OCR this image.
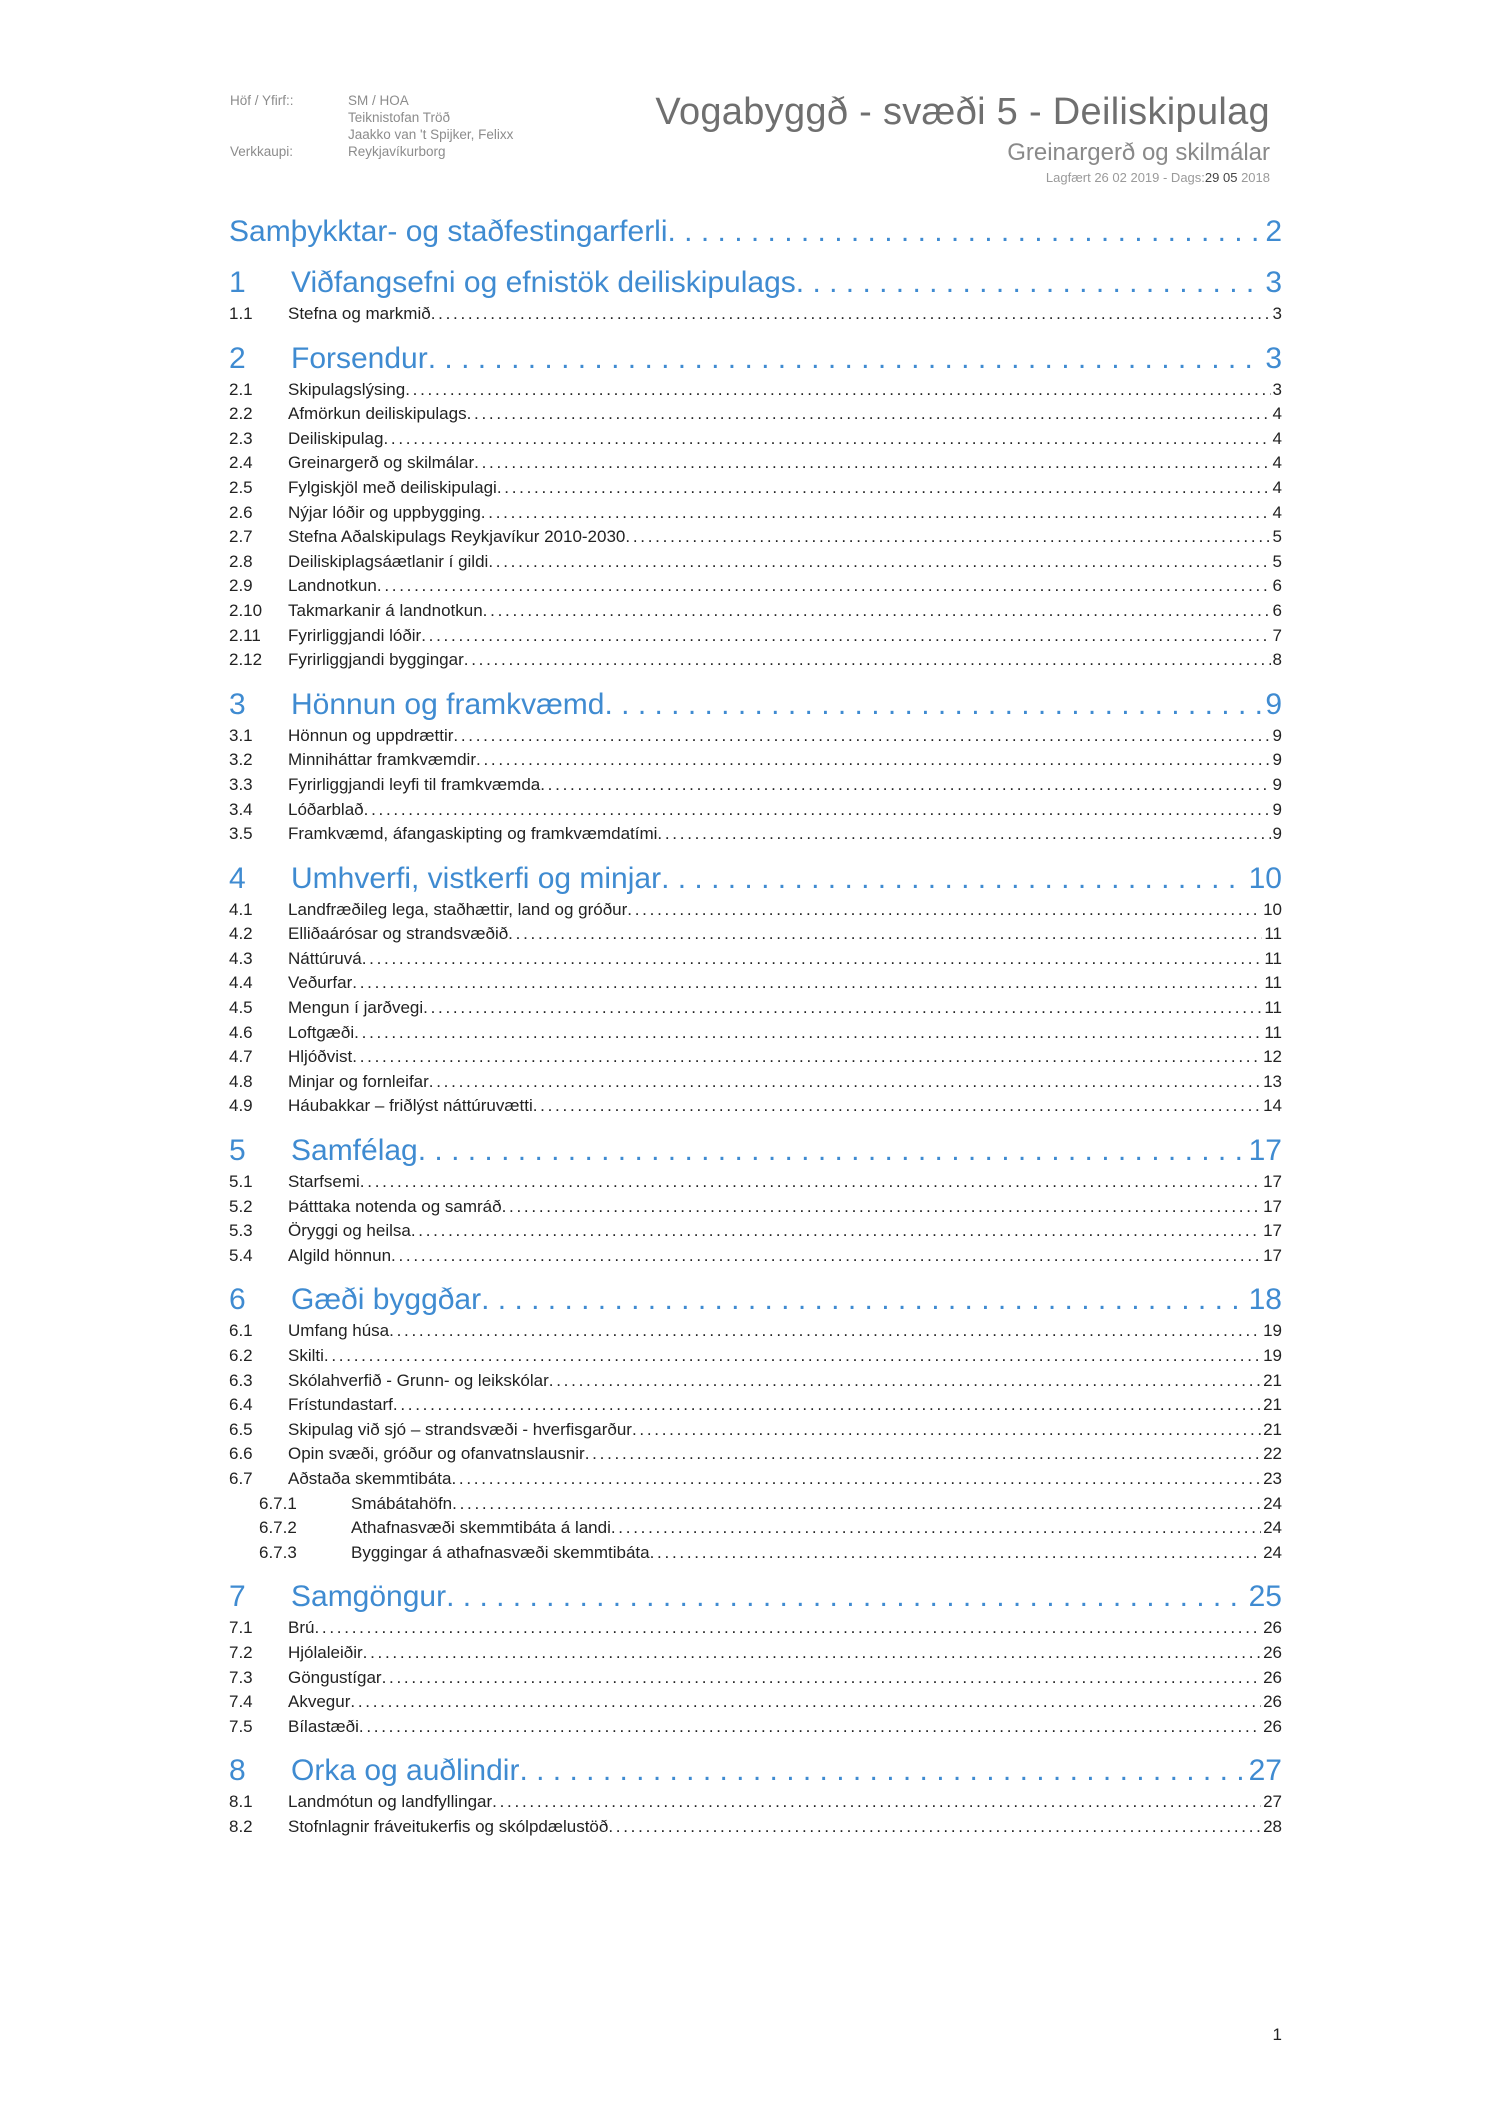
Höf / Yfirf::	SM / HOA
Teiknistofan Tröð
Jaakko van 't Spijker, Felixx
Verkkaupi:	Reykjavíkurborg
Vogabyggð - svæði 5 - Deiliskipulag
Greinargerð og skilmálar
Lagfært 26 02 2019 - Dags:29 05 2018
Samþykktar- og staðfestingarferli . . .	2
1	Viðfangsefni og efnistök deiliskipulags . . .	3
1.1	Stefna og markmið . . .	3
2	Forsendur . . .	3
2.1	Skipulagslýsing . . .	3
2.2	Afmörkun deiliskipulags . . .	4
2.3	Deiliskipulag . . .	4
2.4	Greinargerð og skilmálar . . .	4
2.5	Fylgiskjöl með deiliskipulagi . . .	4
2.6	Nýjar lóðir og uppbygging . . .	4
2.7	Stefna Aðalskipulags Reykjavíkur 2010-2030 . . .	5
2.8	Deiliskiplagsáætlanir í gildi . . .	5
2.9	Landnotkun . . .	6
2.10	Takmarkanir á landnotkun . . .	6
2.11	Fyrirliggjandi lóðir . . .	7
2.12	Fyrirliggjandi byggingar . . .	8
3	Hönnun og framkvæmd . . .	9
3.1	Hönnun og uppdrættir . . .	9
3.2	Minniháttar framkvæmdir . . .	9
3.3	Fyrirliggjandi leyfi til framkvæmda . . .	9
3.4	Lóðarblað . . .	9
3.5	Framkvæmd, áfangaskipting og framkvæmdatími . . .	9
4	Umhverfi, vistkerfi og minjar . . .	10
4.1	Landfræðileg lega, staðhættir, land og gróður . . .	10
4.2	Elliðaárósar og strandsvæðið . . .	11
4.3	Náttúruvá . . .	11
4.4	Veðurfar . . .	11
4.5	Mengun í jarðvegi . . .	11
4.6	Loftgæði . . .	11
4.7	Hljóðvist . . .	12
4.8	Minjar og fornleifar . . .	13
4.9	Háubakkar – friðlýst náttúruvætti . . .	14
5	Samfélag . . .	17
5.1	Starfsemi . . .	17
5.2	Þátttaka notenda og samráð . . .	17
5.3	Öryggi og heilsa . . .	17
5.4	Algild hönnun . . .	17
6	Gæði byggðar . . .	18
6.1	Umfang húsa . . .	19
6.2	Skilti . . .	19
6.3	Skólahverfið - Grunn- og leikskólar . . .	21
6.4	Frístundastarf . . .	21
6.5	Skipulag við sjó – strandsvæði - hverfisgarður . . .	21
6.6	Opin svæði, gróður og ofanvatnslausnir . . .	22
6.7	Aðstaða skemmtibáta . . .	23
6.7.1	Smábátahöfn . . .	24
6.7.2	Athafnasvæði skemmtibáta á landi . . .	24
6.7.3	Byggingar á athafnasvæði skemmtibáta . . .	24
7	Samgöngur . . .	25
7.1	Brú . . .	26
7.2	Hjólaleiðir . . .	26
7.3	Göngustígar . . .	26
7.4	Akvegur . . .	26
7.5	Bílastæði . . .	26
8	Orka og auðlindir . . .	27
8.1	Landmótun og landfyllingar . . .	27
8.2	Stofnlagnir fráveitukerfis og skólpdælustöð . . .	28
1
